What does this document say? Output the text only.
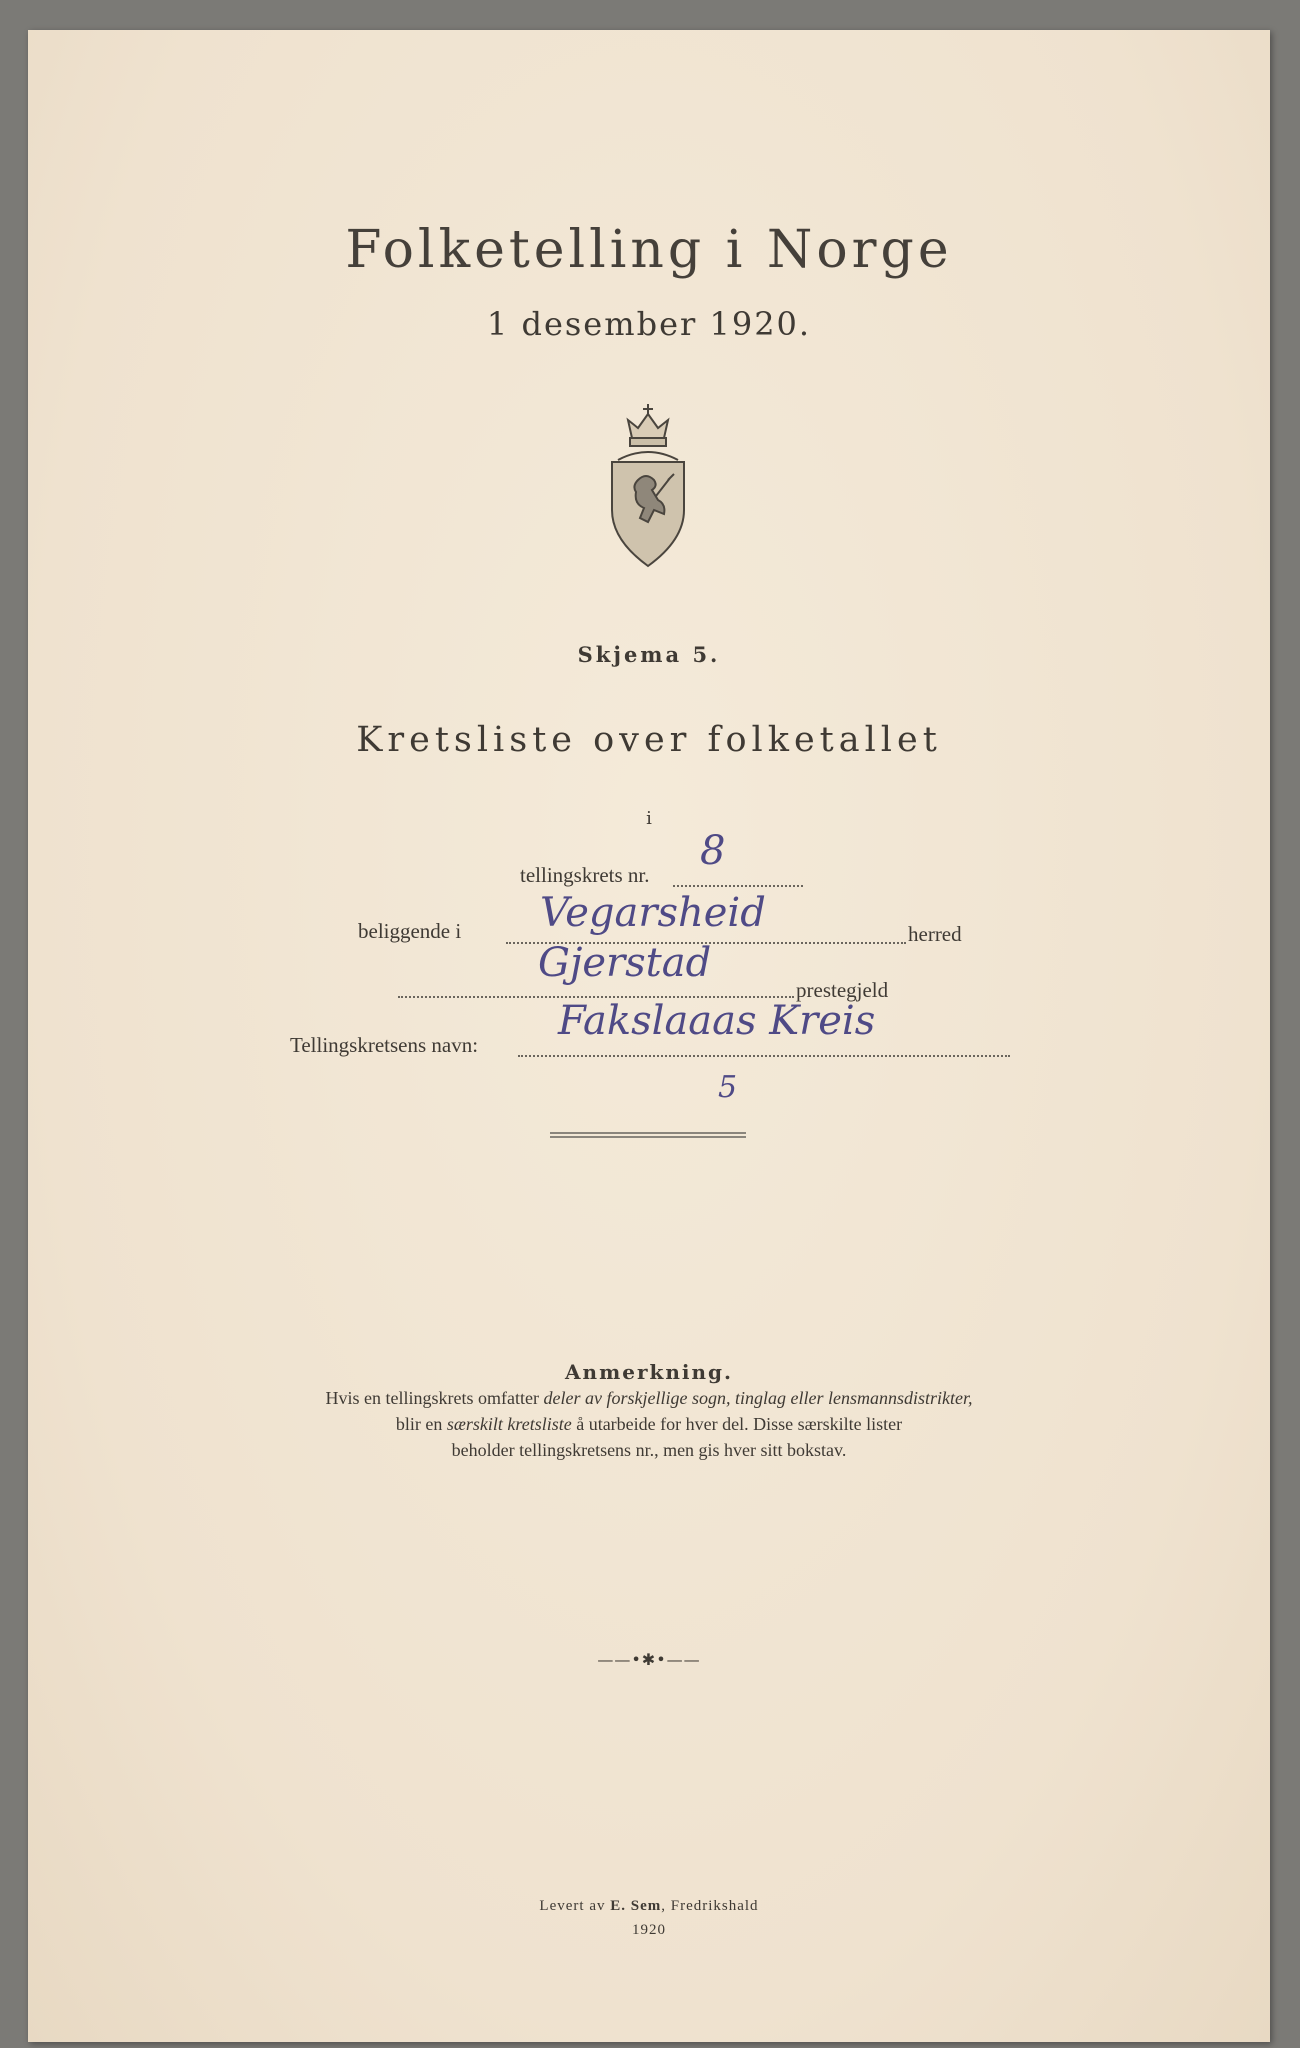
Folketelling i Norge
1 desember 1920.
Skjema 5.
Kretsliste over folketallet
i
tellingskrets nr.
8
beliggende i Vegarsheid	herred
Gjerstad
prestegjeld
Tellingskretsens navn:
Fakslaaas Kreis
5
Anmerkning.
Hvis en tellingskrets omfatter deler av forskjellige sogn, tinglag eller lensmannsdistrikter,
blir en særskilt kretsliste å utarbeide for hver del. Disse særskilte lister
beholder tellingskretsens nr., men gis hver sitt bokstav.
——•✱•——
Levert av E. Sem, Fredrikshald
1920
